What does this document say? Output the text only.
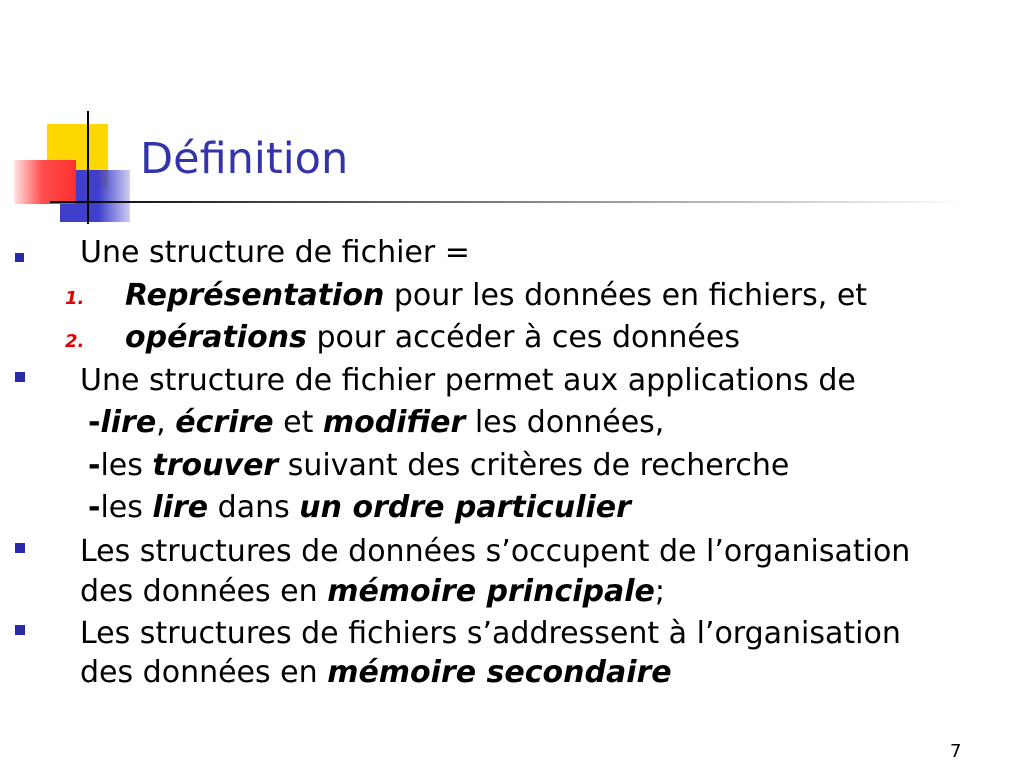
Définition
Une structure de fichier =
1. Représentation pour les données en fichiers, et
2. opérations pour accéder à ces données
Une structure de fichier permet aux applications de
-lire, écrire et modifier les données,
-les trouver suivant des critères de recherche
-les lire dans un ordre particulier
Les structures de données s’occupent de l’organisation
des données en mémoire principale;
Les structures de fichiers s’addressent à l’organisation
des données en mémoire secondaire
7
